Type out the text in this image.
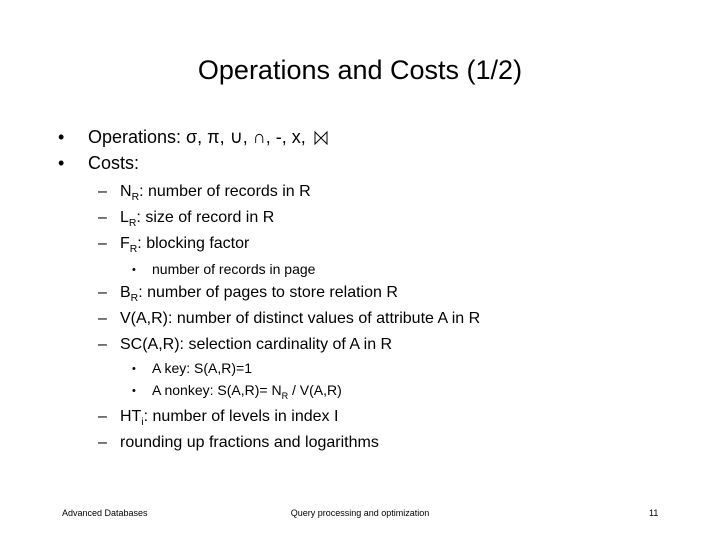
Operations and Costs (1/2)
• Operations: σ, π, ∪, ∩, -, x,
• Costs:
– $N_R$: number of records in R
– $L_R$: size of record in R
– $F_R$: blocking factor
• number of records in page
– $B_R$: number of pages to store relation R
– V(A,R): number of distinct values of attribute A in R
– SC(A,R): selection cardinality of A in R
• A key: S(A,R)=1
• A nonkey: $S(A,R)= N_R / V(A,R)$
– $HT_i$: number of levels in index I
– rounding up fractions and logarithms
Advanced Databases	Query processing and optimization	11
